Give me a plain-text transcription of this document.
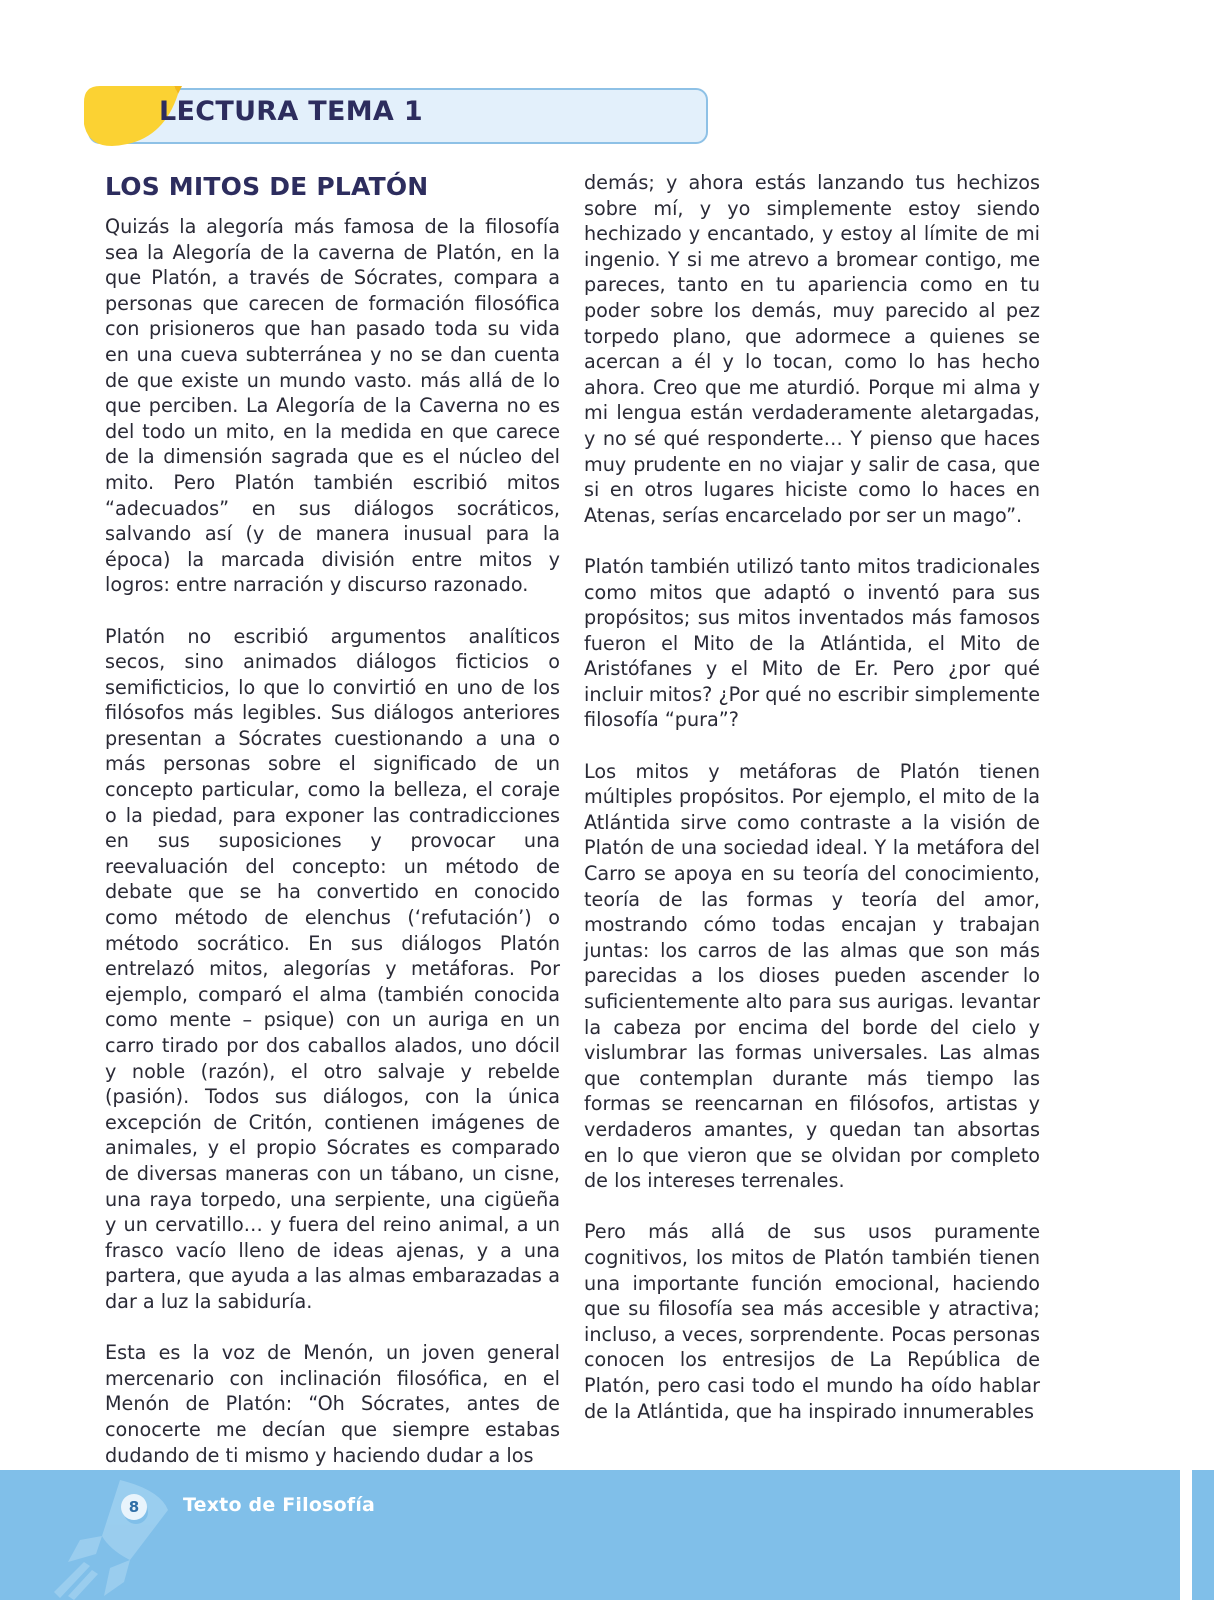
LECTURA TEMA 1
LOS MITOS DE PLATÓN

Quizás la alegoría más famosa de la filosofía sea la Alegoría de la caverna de Platón, en la que Platón, a través de Sócrates, compara a personas que carecen de formación filosófica con prisioneros que han pasado toda su vida en una cueva subterránea y no se dan cuenta de que existe un mundo vasto. más allá de lo que perciben. La Alegoría de la Caverna no es del todo un mito, en la medida en que carece de la dimensión sagrada que es el núcleo del mito. Pero Platón también escribió mitos “adecuados” en sus diálogos socráticos, salvando así (y de manera inusual para la época) la marcada división entre mitos y logros: entre narración y discurso razonado.

Platón no escribió argumentos analíticos secos, sino animados diálogos ficticios o semificticios, lo que lo convirtió en uno de los filósofos más legibles. Sus diálogos anteriores presentan a Sócrates cuestionando a una o más personas sobre el significado de un concepto particular, como la belleza, el coraje o la piedad, para exponer las contradicciones en sus suposiciones y provocar una reevaluación del concepto: un método de debate que se ha convertido en conocido como método de elenchus (‘refutación’) o método socrático. En sus diálogos Platón entrelazó mitos, alegorías y metáforas. Por ejemplo, comparó el alma (también conocida como mente – psique) con un auriga en un carro tirado por dos caballos alados, uno dócil y noble (razón), el otro salvaje y rebelde (pasión). Todos sus diálogos, con la única excepción de Critón, contienen imágenes de animales, y el propio Sócrates es comparado de diversas maneras con un tábano, un cisne, una raya torpedo, una serpiente, una cigüeña y un cervatillo… y fuera del reino animal, a un frasco vacío lleno de ideas ajenas, y a una partera, que ayuda a las almas embarazadas a dar a luz la sabiduría.

Esta es la voz de Menón, un joven general mercenario con inclinación filosófica, en el Menón de Platón: “Oh Sócrates, antes de conocerte me decían que siempre estabas dudando de ti mismo y haciendo dudar a los

demás; y ahora estás lanzando tus hechizos sobre mí, y yo simplemente estoy siendo hechizado y encantado, y estoy al límite de mi ingenio. Y si me atrevo a bromear contigo, me pareces, tanto en tu apariencia como en tu poder sobre los demás, muy parecido al pez torpedo plano, que adormece a quienes se acercan a él y lo tocan, como lo has hecho ahora. Creo que me aturdió. Porque mi alma y mi lengua están verdaderamente aletargadas, y no sé qué responderte… Y pienso que haces muy prudente en no viajar y salir de casa, que si en otros lugares hiciste como lo haces en Atenas, serías encarcelado por ser un mago”.

Platón también utilizó tanto mitos tradicionales como mitos que adaptó o inventó para sus propósitos; sus mitos inventados más famosos fueron el Mito de la Atlántida, el Mito de Aristófanes y el Mito de Er. Pero ¿por qué incluir mitos? ¿Por qué no escribir simplemente filosofía “pura”?

Los mitos y metáforas de Platón tienen múltiples propósitos. Por ejemplo, el mito de la Atlántida sirve como contraste a la visión de Platón de una sociedad ideal. Y la metáfora del Carro se apoya en su teoría del conocimiento, teoría de las formas y teoría del amor, mostrando cómo todas encajan y trabajan juntas: los carros de las almas que son más parecidas a los dioses pueden ascender lo suficientemente alto para sus aurigas. levantar la cabeza por encima del borde del cielo y vislumbrar las formas universales. Las almas que contemplan durante más tiempo las formas se reencarnan en filósofos, artistas y verdaderos amantes, y quedan tan absortas en lo que vieron que se olvidan por completo de los intereses terrenales.

Pero más allá de sus usos puramente cognitivos, los mitos de Platón también tienen una importante función emocional, haciendo que su filosofía sea más accesible y atractiva; incluso, a veces, sorprendente. Pocas personas conocen los entresijos de La República de Platón, pero casi todo el mundo ha oído hablar de la Atlántida, que ha inspirado innumerables

8	Texto de Filosofía
